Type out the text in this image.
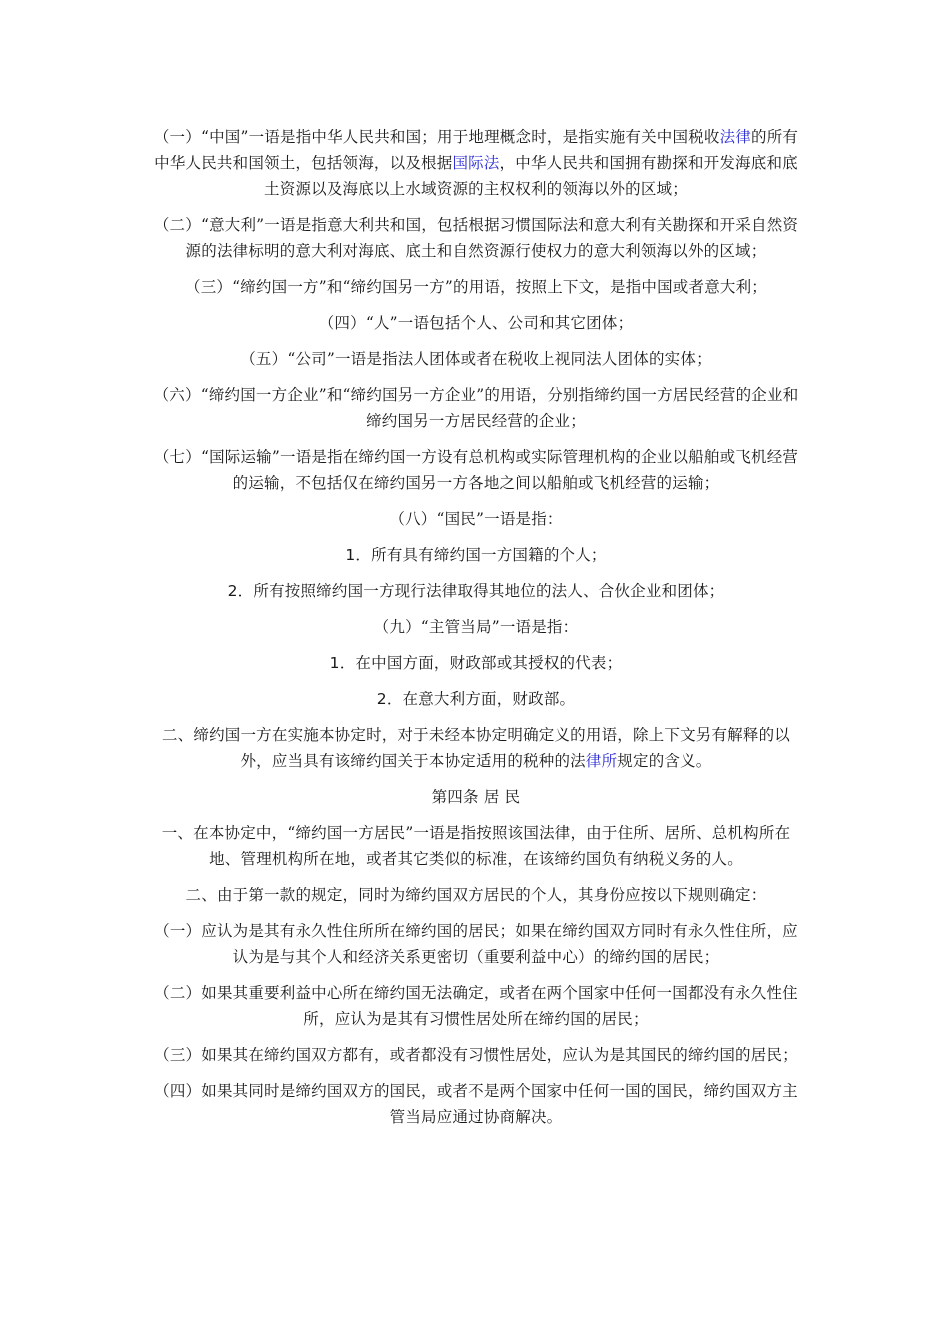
（一）“中国”一语是指中华人民共和国；用于地理概念时，是指实施有关中国税收法律的所有中华人民共和国领土，包括领海，以及根据国际法，中华人民共和国拥有勘探和开发海底和底土资源以及海底以上水域资源的主权权利的领海以外的区域；

（二）“意大利”一语是指意大利共和国，包括根据习惯国际法和意大利有关勘探和开采自然资源的法律标明的意大利对海底、底土和自然资源行使权力的意大利领海以外的区域；

（三）“缔约国一方”和“缔约国另一方”的用语，按照上下文，是指中国或者意大利；

（四）“人”一语包括个人、公司和其它团体；

（五）“公司”一语是指法人团体或者在税收上视同法人团体的实体；

（六）“缔约国一方企业”和“缔约国另一方企业”的用语，分别指缔约国一方居民经营的企业和缔约国另一方居民经营的企业；

（七）“国际运输”一语是指在缔约国一方设有总机构或实际管理机构的企业以船舶或飞机经营的运输，不包括仅在缔约国另一方各地之间以船舶或飞机经营的运输；

（八）“国民”一语是指：

1．所有具有缔约国一方国籍的个人；

2．所有按照缔约国一方现行法律取得其地位的法人、合伙企业和团体；

（九）“主管当局”一语是指：

1．在中国方面，财政部或其授权的代表；

2．在意大利方面，财政部。

二、缔约国一方在实施本协定时，对于未经本协定明确定义的用语，除上下文另有解释的以外，应当具有该缔约国关于本协定适用的税种的法律所规定的含义。

第四条 居 民

一、在本协定中，“缔约国一方居民”一语是指按照该国法律，由于住所、居所、总机构所在地、管理机构所在地，或者其它类似的标准，在该缔约国负有纳税义务的人。

二、由于第一款的规定，同时为缔约国双方居民的个人，其身份应按以下规则确定：

（一）应认为是其有永久性住所所在缔约国的居民；如果在缔约国双方同时有永久性住所，应认为是与其个人和经济关系更密切（重要利益中心）的缔约国的居民；

（二）如果其重要利益中心所在缔约国无法确定，或者在两个国家中任何一国都没有永久性住所，应认为是其有习惯性居处所在缔约国的居民；

（三）如果其在缔约国双方都有，或者都没有习惯性居处，应认为是其国民的缔约国的居民；

（四）如果其同时是缔约国双方的国民，或者不是两个国家中任何一国的国民，缔约国双方主管当局应通过协商解决。
